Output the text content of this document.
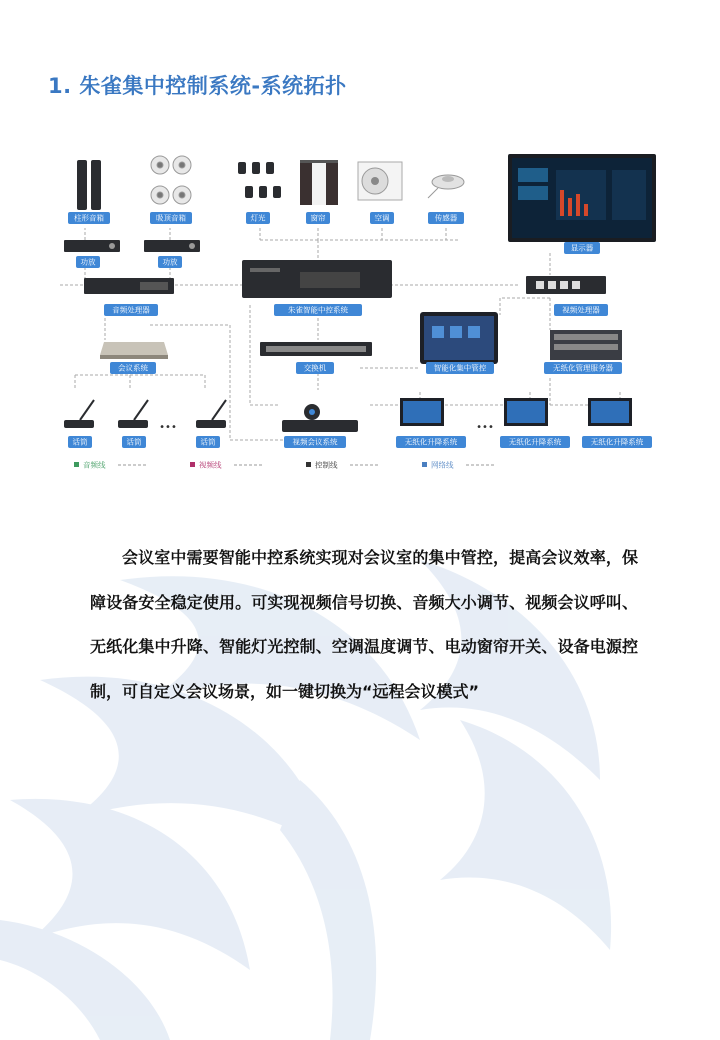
1. 朱雀集中控制系统-系统拓扑
•••	•••
柱形音箱	吸顶音箱	灯光	窗帘	空调	传感器
显示器
功放	功放
音频处理器	朱雀智能中控系统	视频处理器
会议系统	交换机	智能化集中管控	无纸化管理服务器
话筒	话筒	话筒	视频会议系统	无纸化升降系统	无纸化升降系统	无纸化升降系统
音频线	视频线	控制线	网络线

会议室中需要智能中控系统实现对会议室的集中管控，提高会议效率，保障设备安全稳定使用。可实现视频信号切换、音频大小调节、视频会议呼叫、无纸化集中升降、智能灯光控制、空调温度调节、电动窗帘开关、设备电源控制，可自定义会议场景，如一键切换为“远程会议模式”
